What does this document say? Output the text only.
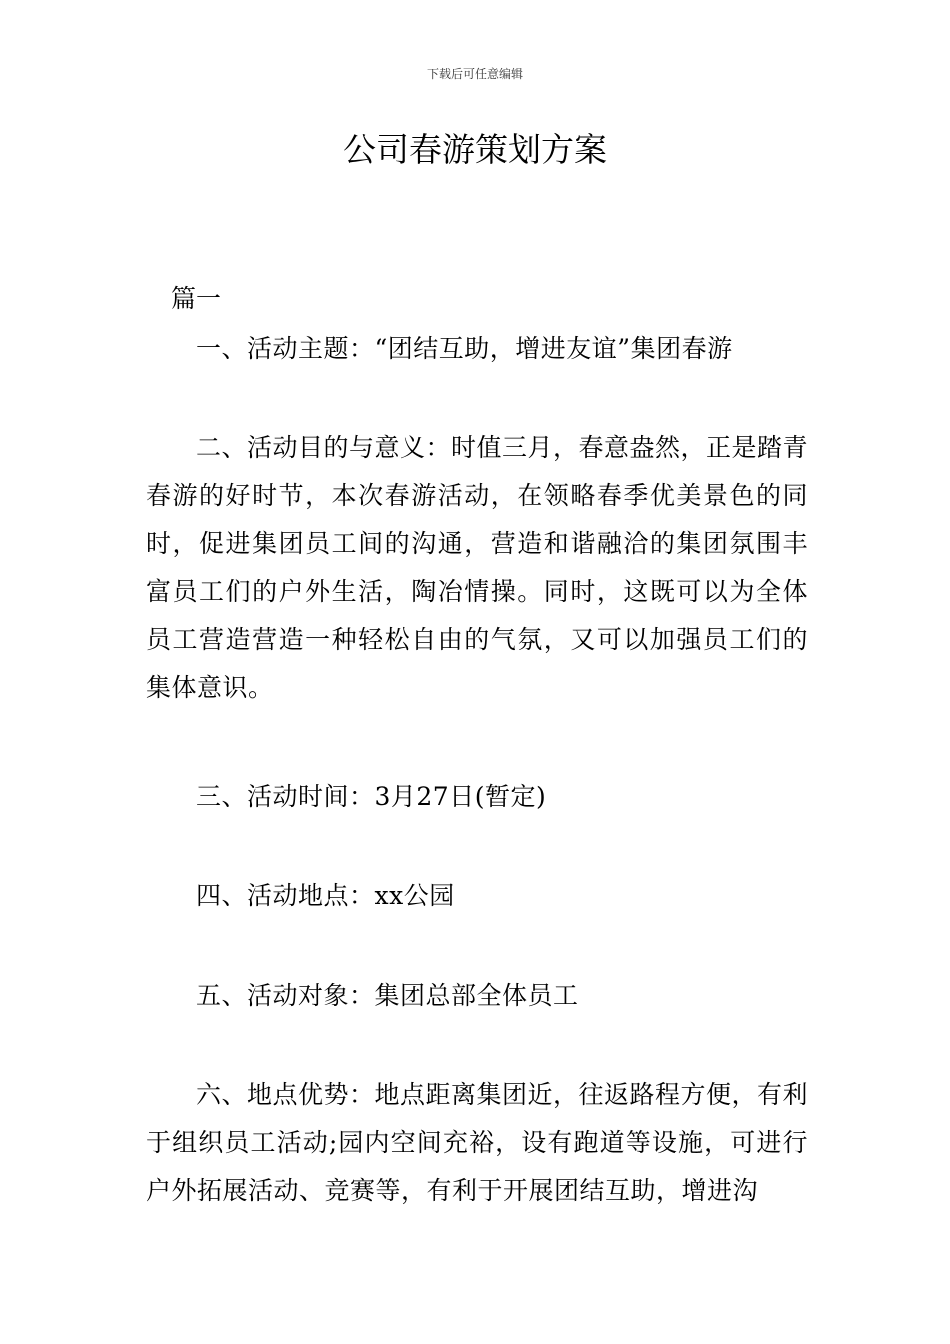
下载后可任意编辑
公司春游策划方案
篇一

一、活动主题：“团结互助，增进友谊”集团春游

二、活动目的与意义：时值三月，春意盎然，正是踏青春游的好时节，本次春游活动，在领略春季优美景色的同时，促进集团员工间的沟通，营造和谐融洽的集团氛围丰富员工们的户外生活，陶冶情操。同时，这既可以为全体员工营造营造一种轻松自由的气氛，又可以加强员工们的集体意识。

三、活动时间：3月27日(暂定)

四、活动地点：xx公园

五、活动对象：集团总部全体员工

六、地点优势：地点距离集团近，往返路程方便，有利于组织员工活动;园内空间充裕，设有跑道等设施，可进行户外拓展活动、竞赛等，有利于开展团结互助，增进沟
